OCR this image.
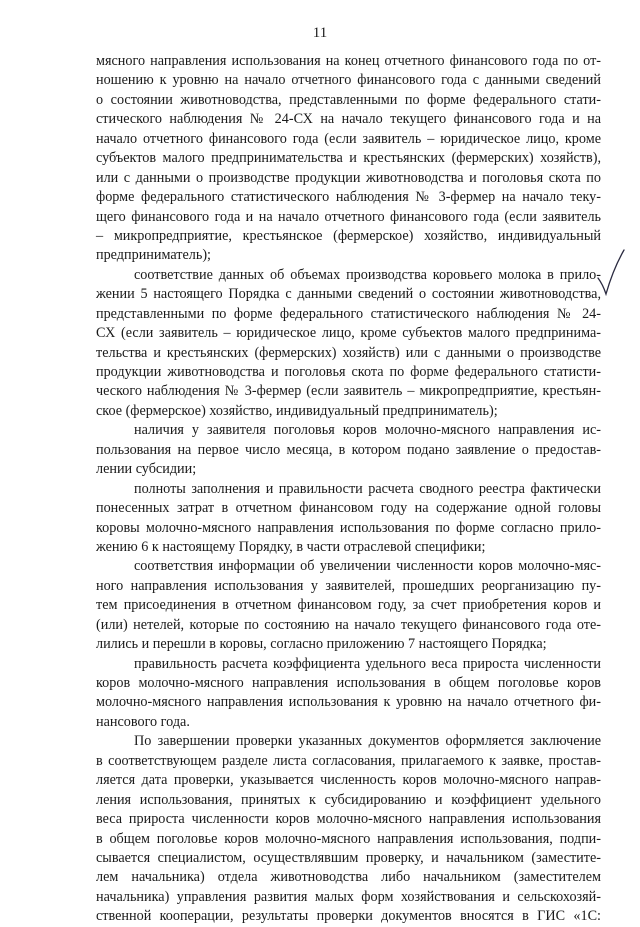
11
мясного направления использования на конец отчетного финансового года по от-
ношению к уровню на начало отчетного финансового года с данными сведений
о состоянии животноводства, представленными по форме федерального стати-
стического наблюдения № 24-СХ на начало текущего финансового года и на
начало отчетного финансового года (если заявитель – юридическое лицо, кроме
субъектов малого предпринимательства и крестьянских (фермерских) хозяйств),
или с данными о производстве продукции животноводства и поголовья скота по
форме федерального статистического наблюдения № 3-фермер на начало теку-
щего финансового года и на начало отчетного финансового года (если заявитель
– микропредприятие, крестьянское (фермерское) хозяйство, индивидуальный
предприниматель);
соответствие данных об объемах производства коровьего молока в прило-
жении 5 настоящего Порядка с данными сведений о состоянии животноводства,
представленными по форме федерального статистического наблюдения № 24-
СХ (если заявитель – юридическое лицо, кроме субъектов малого предпринима-
тельства и крестьянских (фермерских) хозяйств) или с данными о производстве
продукции животноводства и поголовья скота по форме федерального статисти-
ческого наблюдения № 3-фермер (если заявитель – микропредприятие, крестьян-
ское (фермерское) хозяйство, индивидуальный предприниматель);
наличия у заявителя поголовья коров молочно-мясного направления ис-
пользования на первое число месяца, в котором подано заявление о предостав-
лении субсидии;
полноты заполнения и правильности расчета сводного реестра фактически
понесенных затрат в отчетном финансовом году на содержание одной головы
коровы молочно-мясного направления использования по форме согласно прило-
жению 6 к настоящему Порядку, в части отраслевой специфики;
соответствия информации об увеличении численности коров молочно-мяс-
ного направления использования у заявителей, прошедших реорганизацию пу-
тем присоединения в отчетном финансовом году, за счет приобретения коров и
(или) нетелей, которые по состоянию на начало текущего финансового года оте-
лились и перешли в коровы, согласно приложению 7 настоящего Порядка;
правильность расчета коэффициента удельного веса прироста численности
коров молочно-мясного направления использования в общем поголовье коров
молочно-мясного направления использования к уровню на начало отчетного фи-
нансового года.
По завершении проверки указанных документов оформляется заключение
в соответствующем разделе листа согласования, прилагаемого к заявке, простав-
ляется дата проверки, указывается численность коров молочно-мясного направ-
ления использования, принятых к субсидированию и коэффициент удельного
веса прироста численности коров молочно-мясного направления использования
в общем поголовье коров молочно-мясного направления использования, подпи-
сывается специалистом, осуществлявшим проверку, и начальником (заместите-
лем начальника) отдела животноводства либо начальником (заместителем
начальника) управления развития малых форм хозяйствования и сельскохозяй-
ственной кооперации, результаты проверки документов вносятся в ГИС «1С:
